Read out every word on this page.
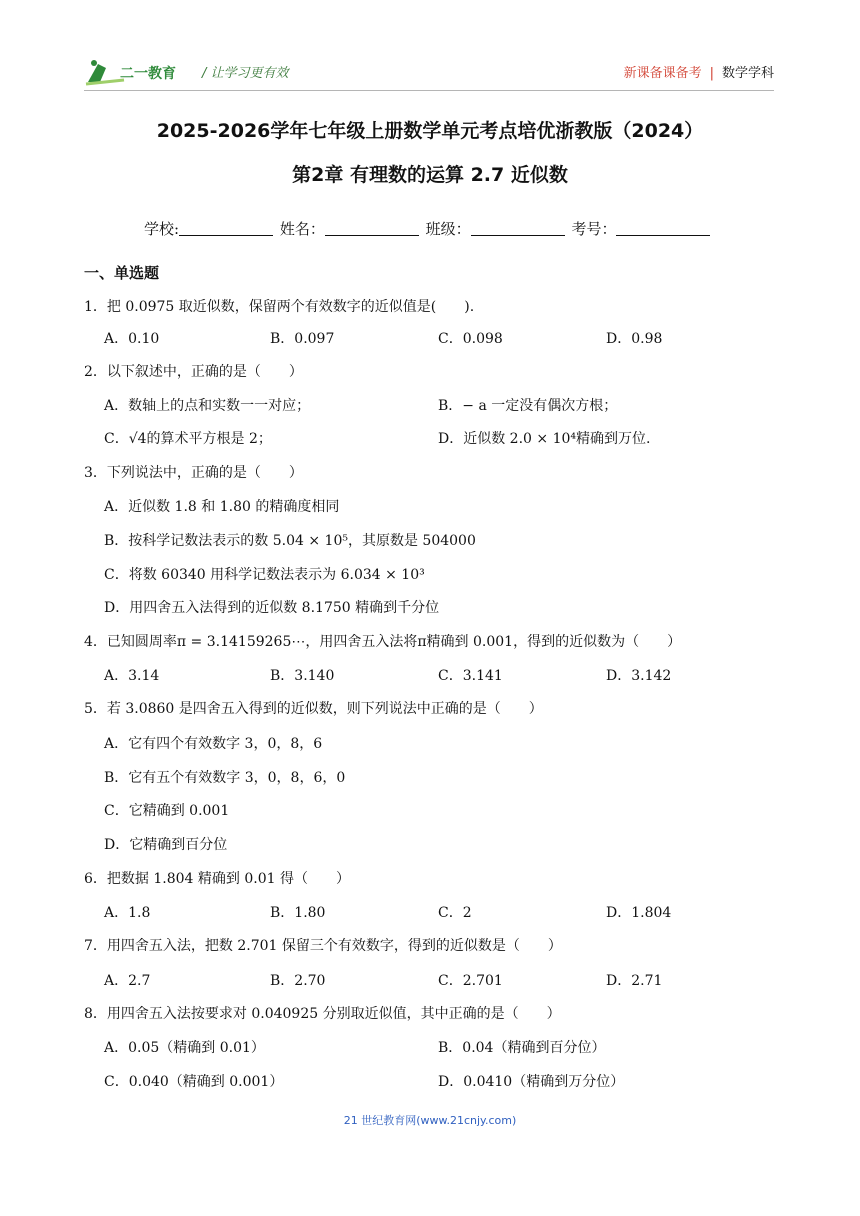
二一教育 / 让学习更有效	新课备课备考 | 数学学科
2025-2026学年七年级上册数学单元考点培优浙教版（2024）
第2章 有理数的运算 2.7 近似数
学校:	姓名：	班级：	考号：
一、单选题
1．把 0.0975 取近似数，保留两个有效数字的近似值是(　　).
A．0.10	B．0.097	C．0.098	D．0.98
2．以下叙述中，正确的是（　　）
A．数轴上的点和实数一一对应；	B．− a 一定没有偶次方根；
C．√4的算术平方根是 2；	D．近似数 2.0 × 10⁴精确到万位.
3．下列说法中，正确的是（　　）
A．近似数 1.8 和 1.80 的精确度相同
B．按科学记数法表示的数 5.04 × 10⁵，其原数是 504000
C．将数 60340 用科学记数法表示为 6.034 × 10³
D．用四舍五入法得到的近似数 8.1750 精确到千分位
4．已知圆周率π = 3.14159265⋯，用四舍五入法将π精确到 0.001，得到的近似数为（　　）
A．3.14	B．3.140	C．3.141	D．3.142
5．若 3.0860 是四舍五入得到的近似数，则下列说法中正确的是（　　）
A．它有四个有效数字 3，0，8，6
B．它有五个有效数字 3，0，8，6，0
C．它精确到 0.001
D．它精确到百分位
6．把数据 1.804 精确到 0.01 得（　　）
A．1.8	B．1.80	C．2	D．1.804
7．用四舍五入法，把数 2.701 保留三个有效数字，得到的近似数是（　　）
A．2.7	B．2.70	C．2.701	D．2.71
8．用四舍五入法按要求对 0.040925 分别取近似值，其中正确的是（　　）
A．0.05（精确到 0.01）	B．0.04（精确到百分位）
C．0.040（精确到 0.001）	D．0.0410（精确到万分位）
21 世纪教育网(www.21cnjy.com)
